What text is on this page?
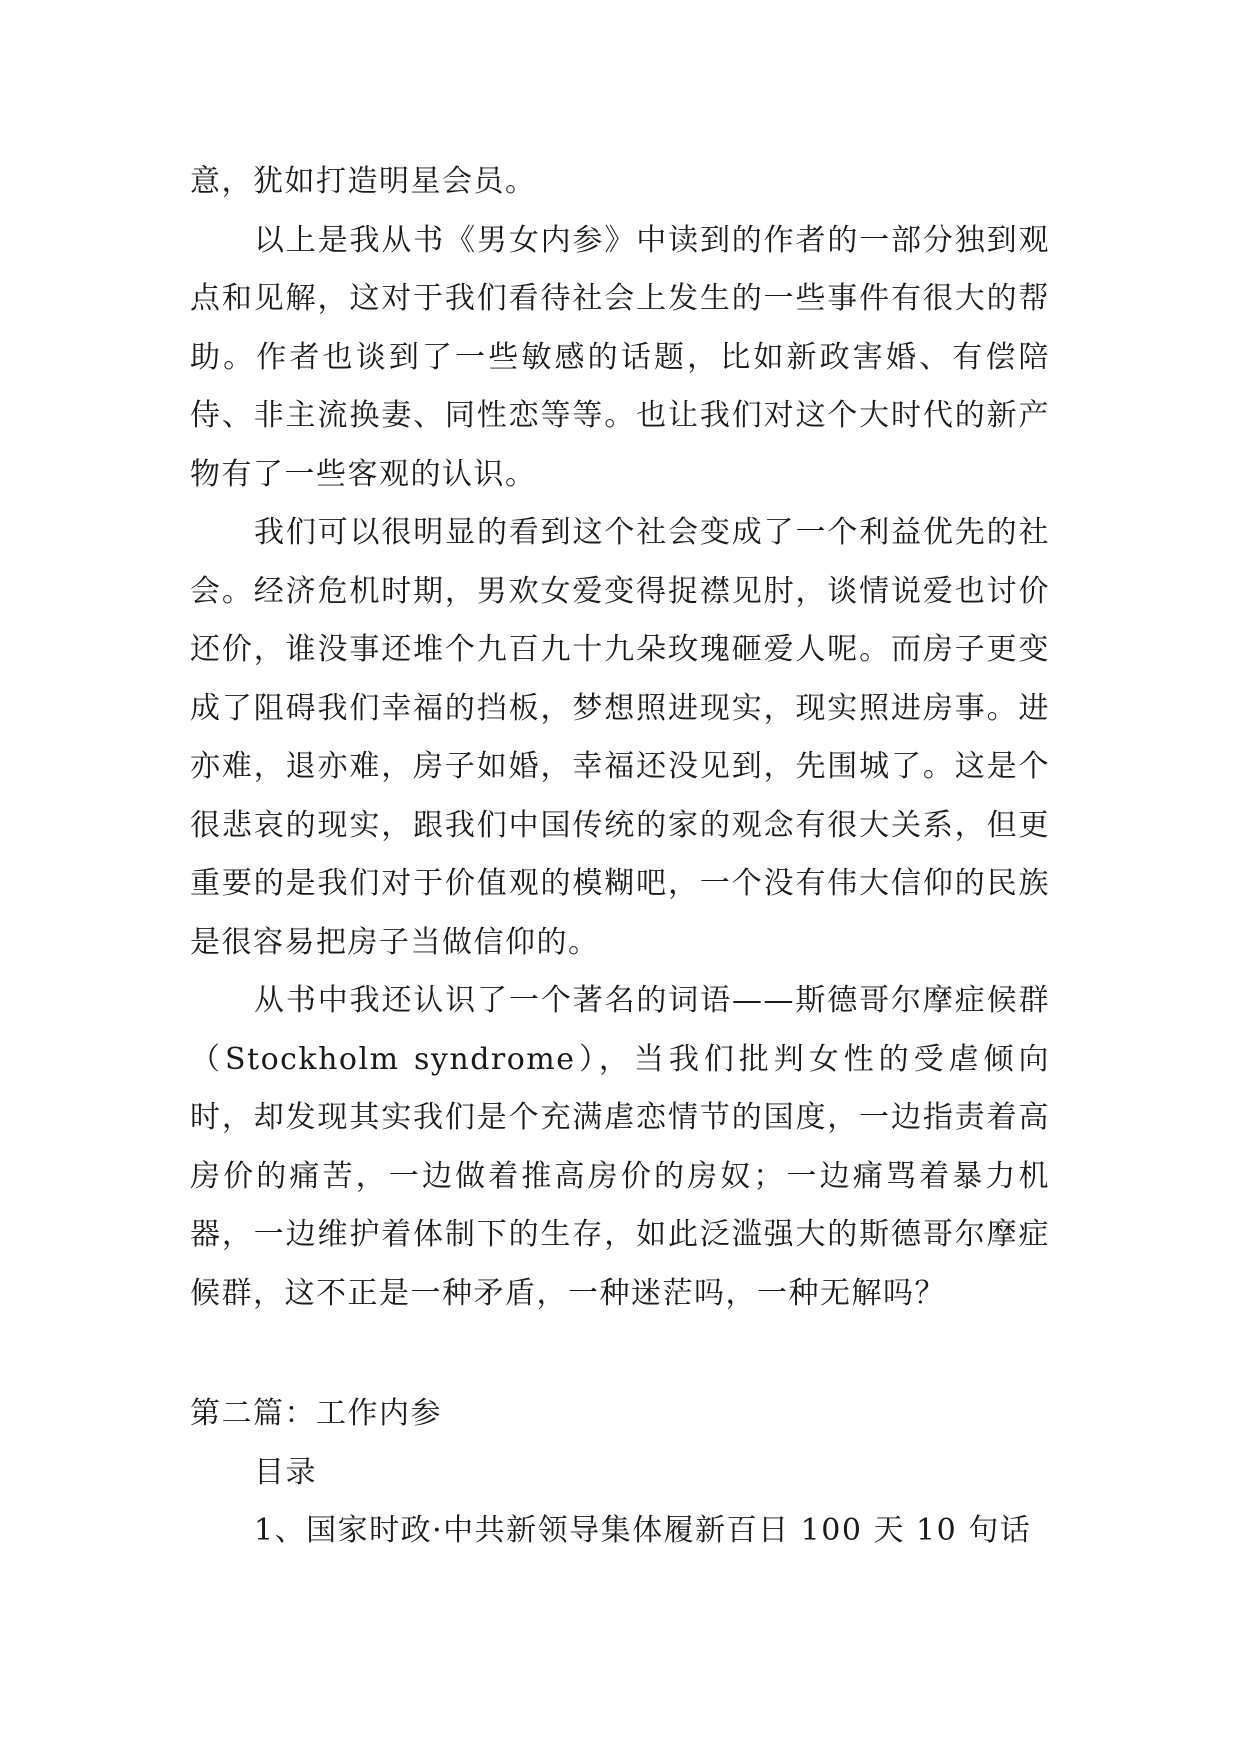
意，犹如打造明星会员。

以上是我从书《男女内参》中读到的作者的一部分独到观点和见解，这对于我们看待社会上发生的一些事件有很大的帮助。作者也谈到了一些敏感的话题，比如新政害婚、有偿陪侍、非主流换妻、同性恋等等。也让我们对这个大时代的新产物有了一些客观的认识。

我们可以很明显的看到这个社会变成了一个利益优先的社会。经济危机时期，男欢女爱变得捉襟见肘，谈情说爱也讨价还价，谁没事还堆个九百九十九朵玫瑰砸爱人呢。而房子更变成了阻碍我们幸福的挡板，梦想照进现实，现实照进房事。进亦难，退亦难，房子如婚，幸福还没见到，先围城了。这是个很悲哀的现实，跟我们中国传统的家的观念有很大关系，但更重要的是我们对于价值观的模糊吧，一个没有伟大信仰的民族是很容易把房子当做信仰的。

从书中我还认识了一个著名的词语——斯德哥尔摩症候群（Stockholm syndrome），当我们批判女性的受虐倾向时，却发现其实我们是个充满虐恋情节的国度，一边指责着高房价的痛苦，一边做着推高房价的房奴；一边痛骂着暴力机器，一边维护着体制下的生存，如此泛滥强大的斯德哥尔摩症候群，这不正是一种矛盾，一种迷茫吗，一种无解吗？

第二篇：工作内参

目录

1、国家时政·中共新领导集体履新百日 100 天 10 句话
